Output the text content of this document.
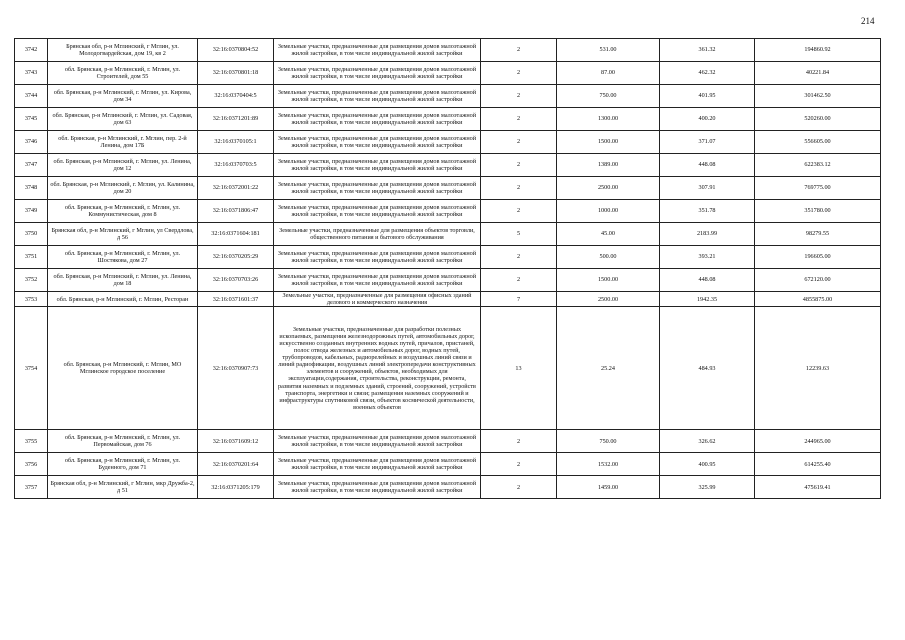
214
3742	Брянская обл, р-н Мглинский, г Мглин, ул. Молодогвардейская, дом 19, кв 2	32:16:0370804:52	Земельные участки, предназначенные для размещения домов малоэтажной жилой застройки, в том числе индивидуальной жилой застройки	2	531.00	361.32	194860.92
3743	обл. Брянская, р-н Мглинский, г. Мглин, ул. Строителей, дом 55	32:16:0370801:18	Земельные участки, предназначенные для размещения домов малоэтажной жилой застройки, в том числе индивидуальной жилой застройки	2	87.00	462.32	40221.84
3744	обл. Брянская, р-н Мглинский, г. Мглин, ул. Кирова, дом 34	32:16:0370404:5	Земельные участки, предназначенные для размещения домов малоэтажной жилой застройки, в том числе индивидуальной жилой застройки	2	750.00	401.95	301462.50
3745	обл. Брянская, р-н Мглинский, г. Мглин, ул. Садовая, дом 63	32:16:0371201:89	Земельные участки, предназначенные для размещения домов малоэтажной жилой застройки, в том числе индивидуальной жилой застройки	2	1300.00	400.20	520260.00
3746	обл. Брянская, р-н Мглинский, г. Мглин, пер. 2-й Ленина, дом 17Б	32:16:0370105:1	Земельные участки, предназначенные для размещения домов малоэтажной жилой застройки, в том числе индивидуальной жилой застройки	2	1500.00	371.07	556605.00
3747	обл. Брянская, р-н Мглинский, г. Мглин, ул. Ленина, дом 12	32:16:0370703:5	Земельные участки, предназначенные для размещения домов малоэтажной жилой застройки, в том числе индивидуальной жилой застройки	2	1389.00	448.08	622383.12
3748	обл. Брянская, р-н Мглинский, г. Мглин, ул. Калинина, дом 20	32:16:0372001:22	Земельные участки, предназначенные для размещения домов малоэтажной жилой застройки, в том числе индивидуальной жилой застройки	2	2500.00	307.91	769775.00
3749	обл. Брянская, р-н Мглинский, г. Мглин, ул. Коммунистическая, дом 8	32:16:0371806:47	Земельные участки, предназначенные для размещения домов малоэтажной жилой застройки, в том числе индивидуальной жилой застройки	2	1000.00	351.78	351780.00
3750	Брянская обл, р-н Мглинский, г Мглин, ул Свердлова, д 56	32:16:0371604:181	Земельные участки, предназначенные для размещения объектов торговли, общественного питания и бытового обслуживания	5	45.00	2183.99	98279.55
3751	обл. Брянская, р-н Мглинский, г. Мглин, ул. Шостякова, дом 27	32:16:0370205:29	Земельные участки, предназначенные для размещения домов малоэтажной жилой застройки, в том числе индивидуальной жилой застройки	2	500.00	393.21	196605.00
3752	обл. Брянская, р-н Мглинский, г. Мглин, ул. Ленина, дом 18	32:16:0370703:26	Земельные участки, предназначенные для размещения домов малоэтажной жилой застройки, в том числе индивидуальной жилой застройки	2	1500.00	448.08	672120.00
3753	обл. Брянская, р-н Мглинский, г. Мглин, Ресторан	32:16:0371601:37	Земельные участки, предназначенные для размещения офисных зданий делового и коммерческого назначения	7	2500.00	1942.35	4855875.00
3754	обл. Брянская, р-н Мглинский, г. Мглин, МО Мглинское городское поселение	32:16:0370907:73	Земельные участки, предназначенные для разработки полезных ископаемых, размещения железнодорожных путей, автомобильных дорог, искусственно созданных внутренних водных путей, причалов, пристаней, полос отвода железных и автомобильных дорог, водных путей, трубопроводов, кабельных, радиорелейных и воздушных линий связи и линий радиофикации, воздушных линий электропередачи конструктивных элементов и сооружений, объектов, необходимых для эксплуатации,содержания, строительства, реконструкции, ремонта, развития наземных и подземных зданий, строений, сооружений, устройств транспорта, энергетики и связи; размещения наземных сооружений и инфраструктуры спутниковой связи, объектов космической деятельности, военных объектов	13	25.24	484.93	12239.63
3755	обл. Брянская, р-н Мглинский, г. Мглин, ул. Первомайская, дом 76	32:16:0371609:12	Земельные участки, предназначенные для размещения домов малоэтажной жилой застройки, в том числе индивидуальной жилой застройки	2	750.00	326.62	244965.00
3756	обл. Брянская, р-н Мглинский, г. Мглин, ул. Буденного, дом 71	32:16:0370201:64	Земельные участки, предназначенные для размещения домов малоэтажной жилой застройки, в том числе индивидуальной жилой застройки	2	1532.00	400.95	614255.40
3757	Брянская обл, р-н Мглинский, г Мглин, мкр Дружба-2, д 51	32:16:0371205:179	Земельные участки, предназначенные для размещения домов малоэтажной жилой застройки, в том числе индивидуальной жилой застройки	2	1459.00	325.99	475619.41
